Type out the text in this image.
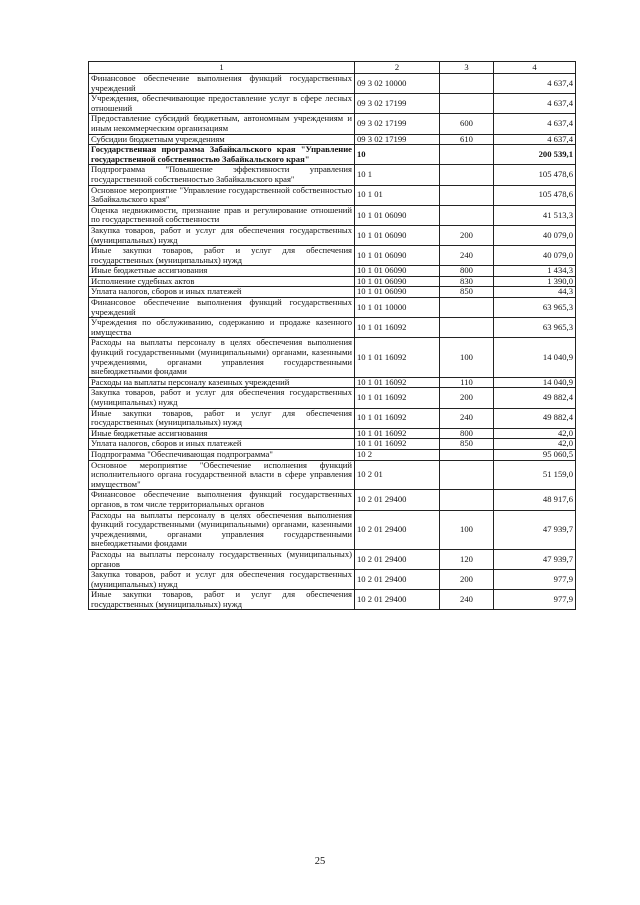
1	2	3	4
Финансовое обеспечение выполнения функций государственных учреждений	09 3 02 10000		4 637,4
Учреждения, обеспечивающие предоставление услуг в сфере лесных отношений	09 3 02 17199		4 637,4
Предоставление субсидий бюджетным, автономным учреждениям и иным некоммерческим организациям	09 3 02 17199	600	4 637,4
Субсидии бюджетным учреждениям	09 3 02 17199	610	4 637,4
Государственная программа Забайкальского края "Управление государственной собственностью Забайкальского края"	10		200 539,1
Подпрограмма "Повышение эффективности управления государственной собственностью Забайкальского края"	10 1		105 478,6
Основное мероприятие "Управление государственной собственностью Забайкальского края"	10 1 01		105 478,6
Оценка недвижимости, признание прав и регулирование отношений по государственной собственности	10 1 01 06090		41 513,3
Закупка товаров, работ и услуг для обеспечения государственных (муниципальных) нужд	10 1 01 06090	200	40 079,0
Иные закупки товаров, работ и услуг для обеспечения государственных (муниципальных) нужд	10 1 01 06090	240	40 079,0
Иные бюджетные ассигнования	10 1 01 06090	800	1 434,3
Исполнение судебных актов	10 1 01 06090	830	1 390,0
Уплата налогов, сборов и иных платежей	10 1 01 06090	850	44,3
Финансовое обеспечение выполнения функций государственных учреждений	10 1 01 10000		63 965,3
Учреждения по обслуживанию, содержанию и продаже казенного имущества	10 1 01 16092		63 965,3
Расходы на выплаты персоналу в целях обеспечения выполнения функций государственными (муниципальными) органами, казенными учреждениями, органами управления государственными внебюджетными фондами	10 1 01 16092	100	14 040,9
Расходы на выплаты персоналу казенных учреждений	10 1 01 16092	110	14 040,9
Закупка товаров, работ и услуг для обеспечения государственных (муниципальных) нужд	10 1 01 16092	200	49 882,4
Иные закупки товаров, работ и услуг для обеспечения государственных (муниципальных) нужд	10 1 01 16092	240	49 882,4
Иные бюджетные ассигнования	10 1 01 16092	800	42,0
Уплата налогов, сборов и иных платежей	10 1 01 16092	850	42,0
Подпрограмма "Обеспечивающая подпрограмма"	10 2		95 060,5
Основное мероприятие "Обеспечение исполнения функций исполнительного органа государственной власти в сфере управления имуществом"	10 2 01		51 159,0
Финансовое обеспечение выполнения функций государственных органов, в том числе территориальных органов	10 2 01 29400		48 917,6
Расходы на выплаты персоналу в целях обеспечения выполнения функций государственными (муниципальными) органами, казенными учреждениями, органами управления государственными внебюджетными фондами	10 2 01 29400	100	47 939,7
Расходы на выплаты персоналу государственных (муниципальных) органов	10 2 01 29400	120	47 939,7
Закупка товаров, работ и услуг для обеспечения государственных (муниципальных) нужд	10 2 01 29400	200	977,9
Иные закупки товаров, работ и услуг для обеспечения государственных (муниципальных) нужд	10 2 01 29400	240	977,9
25
